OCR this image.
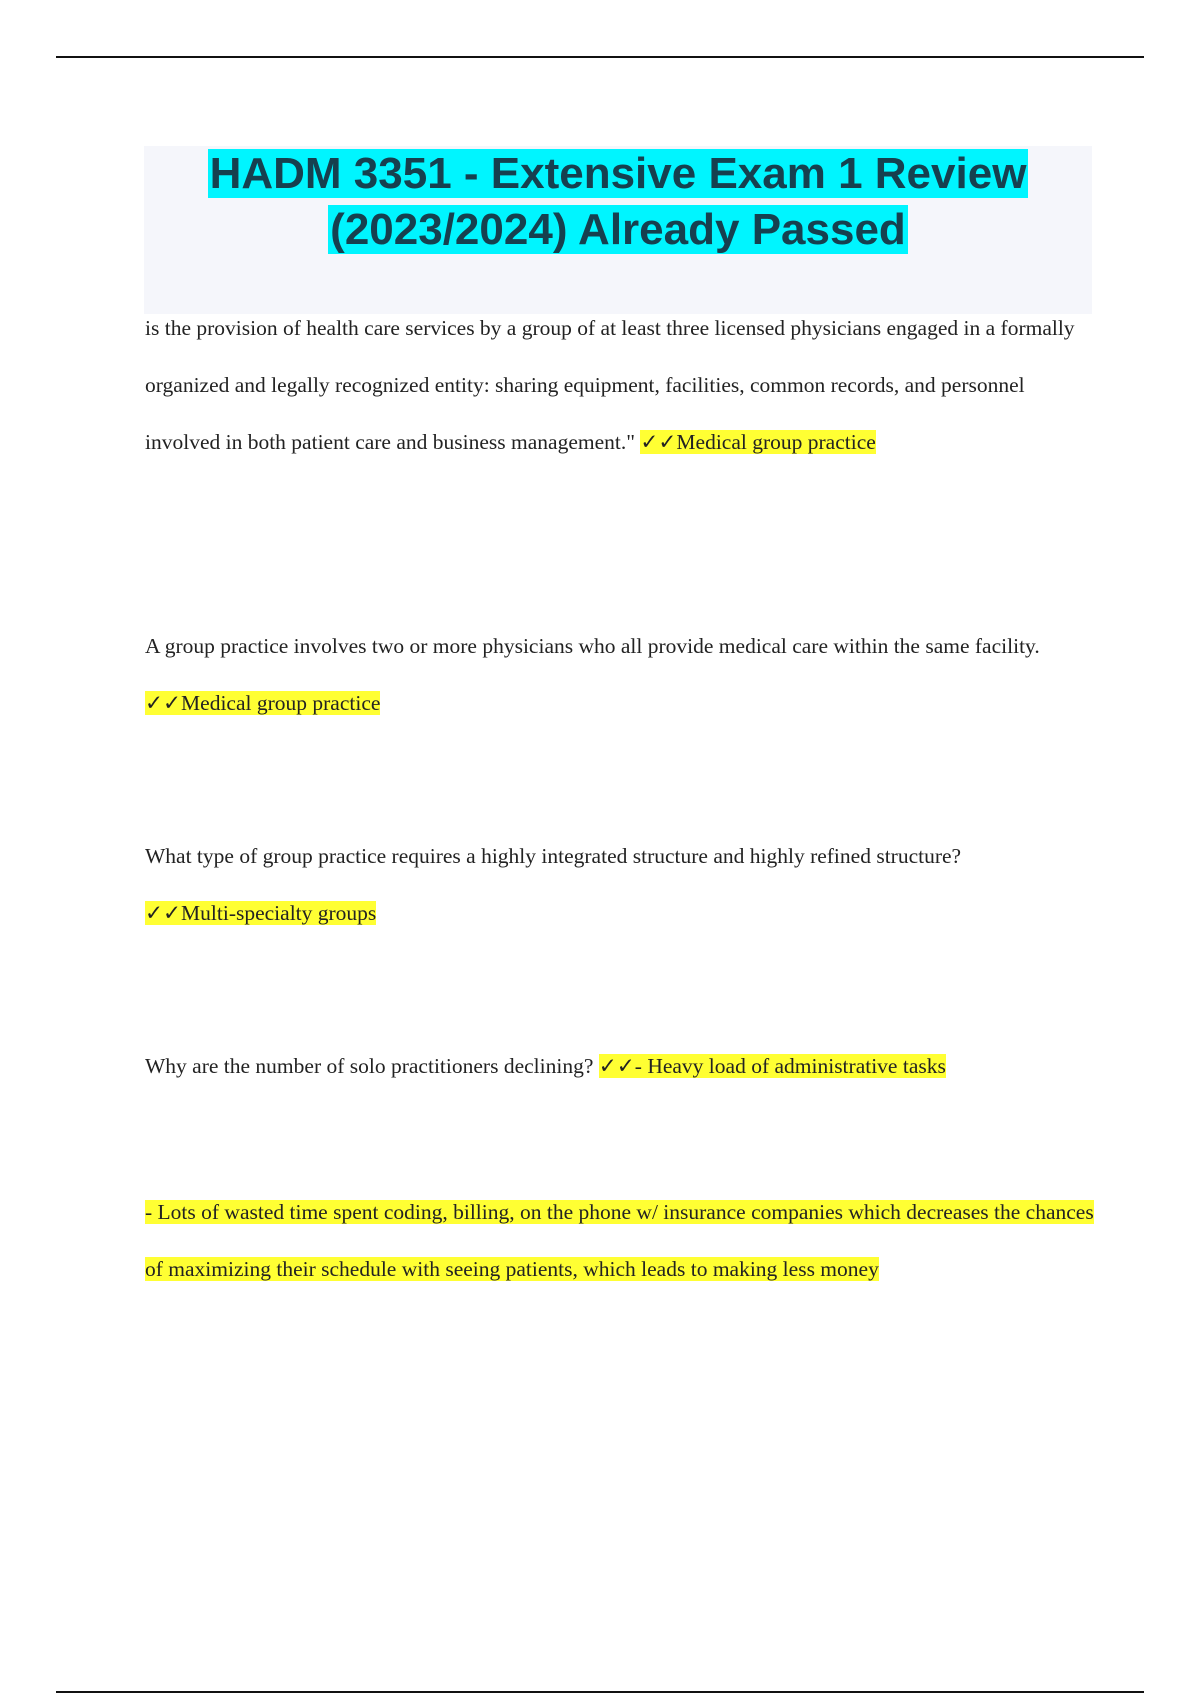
HADM 3351 - Extensive Exam 1 Review (2023/2024) Already Passed

is the provision of health care services by a group of at least three licensed physicians engaged in a formally organized and legally recognized entity: sharing equipment, facilities, common records, and personnel involved in both patient care and business management." ✓✓Medical group practice

A group practice involves two or more physicians who all provide medical care within the same facility. ✓✓Medical group practice

What type of group practice requires a highly integrated structure and highly refined structure?
✓✓Multi-specialty groups

Why are the number of solo practitioners declining? ✓✓- Heavy load of administrative tasks

- Lots of wasted time spent coding, billing, on the phone w/ insurance companies which decreases the chances of maximizing their schedule with seeing patients, which leads to making less money
